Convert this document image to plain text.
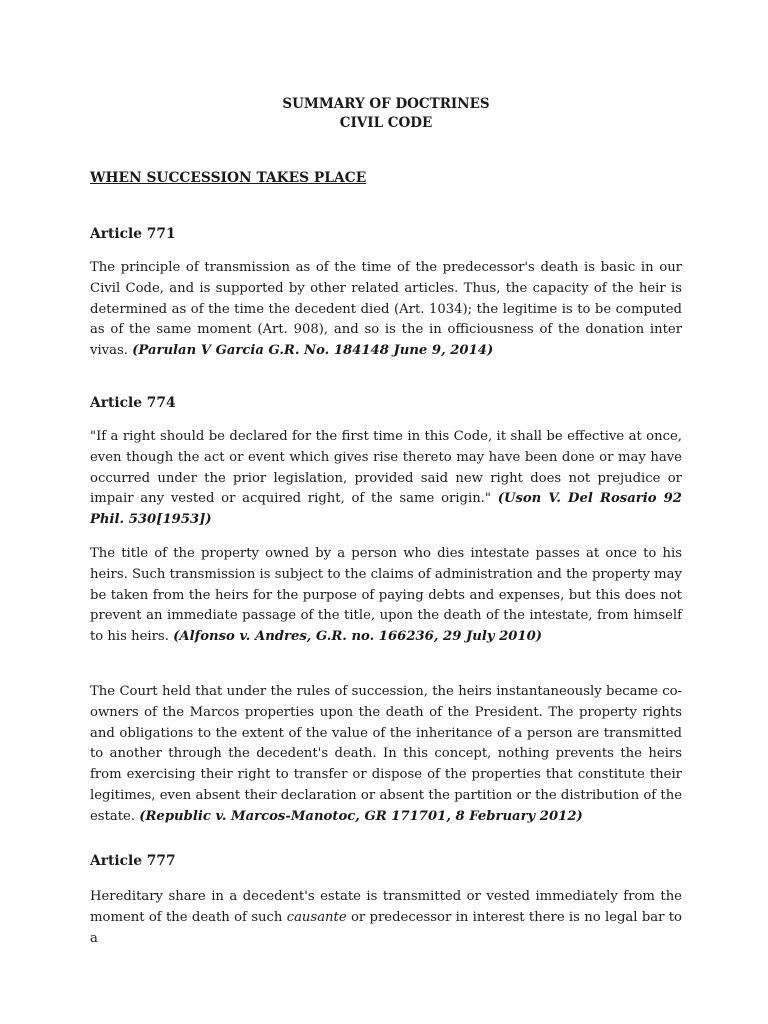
SUMMARY OF DOCTRINES

CIVIL CODE

WHEN SUCCESSION TAKES PLACE

Article 771

The principle of transmission as of the time of the predecessor's death is basic in our Civil Code, and is supported by other related articles. Thus, the capacity of the heir is determined as of the time the decedent died (Art. 1034); the legitime is to be computed as of the same moment (Art. 908), and so is the in officiousness of the donation inter vivas. (Parulan V Garcia G.R. No. 184148 June 9, 2014)

Article 774

"If a right should be declared for the first time in this Code, it shall be effective at once, even though the act or event which gives rise thereto may have been done or may have occurred under the prior legislation, provided said new right does not prejudice or impair any vested or acquired right, of the same origin." (Uson V. Del Rosario 92 Phil. 530[1953])

The title of the property owned by a person who dies intestate passes at once to his heirs. Such transmission is subject to the claims of administration and the property may be taken from the heirs for the purpose of paying debts and expenses, but this does not prevent an immediate passage of the title, upon the death of the intestate, from himself to his heirs. (Alfonso v. Andres, G.R. no. 166236, 29 July 2010)

The Court held that under the rules of succession, the heirs instantaneously became co-owners of the Marcos properties upon the death of the President. The property rights and obligations to the extent of the value of the inheritance of a person are transmitted to another through the decedent's death. In this concept, nothing prevents the heirs from exercising their right to transfer or dispose of the properties that constitute their legitimes, even absent their declaration or absent the partition or the distribution of the estate. (Republic v. Marcos-Manotoc, GR 171701, 8 February 2012)

Article 777

Hereditary share in a decedent's estate is transmitted or vested immediately from the moment of the death of such causante or predecessor in interest there is no legal bar to a
